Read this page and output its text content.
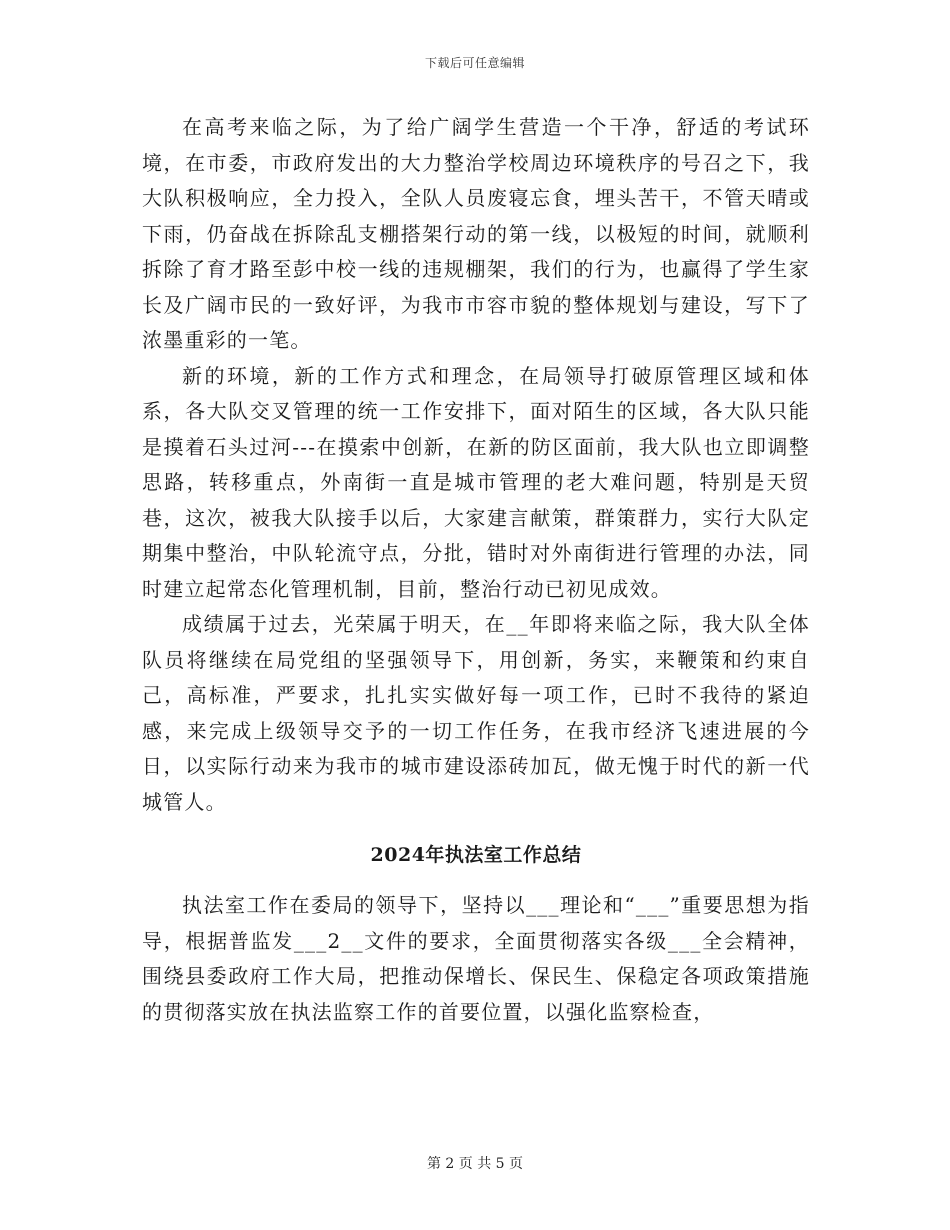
下载后可任意编辑

在高考来临之际，为了给广阔学生营造一个干净，舒适的考试环境，在市委，市政府发出的大力整治学校周边环境秩序的号召之下，我大队积极响应，全力投入，全队人员废寝忘食，埋头苦干，不管天晴或下雨，仍奋战在拆除乱支棚搭架行动的第一线，以极短的时间，就顺利拆除了育才路至彭中校一线的违规棚架，我们的行为，也赢得了学生家长及广阔市民的一致好评，为我市市容市貌的整体规划与建设，写下了浓墨重彩的一笔。

新的环境，新的工作方式和理念，在局领导打破原管理区域和体系，各大队交叉管理的统一工作安排下，面对陌生的区域，各大队只能是摸着石头过河---在摸索中创新，在新的防区面前，我大队也立即调整思路，转移重点，外南街一直是城市管理的老大难问题，特别是天贸巷，这次，被我大队接手以后，大家建言献策，群策群力，实行大队定期集中整治，中队轮流守点，分批，错时对外南街进行管理的办法，同时建立起常态化管理机制，目前，整治行动已初见成效。

成绩属于过去，光荣属于明天，在__年即将来临之际，我大队全体队员将继续在局党组的坚强领导下，用创新，务实，来鞭策和约束自己，高标准，严要求，扎扎实实做好每一项工作，已时不我待的紧迫感，来完成上级领导交予的一切工作任务，在我市经济飞速进展的今日，以实际行动来为我市的城市建设添砖加瓦，做无愧于时代的新一代城管人。

2024年执法室工作总结

执法室工作在委局的领导下，坚持以___理论和“___”重要思想为指导，根据普监发___2__文件的要求，全面贯彻落实各级___全会精神，围绕县委政府工作大局，把推动保增长、保民生、保稳定各项政策措施的贯彻落实放在执法监察工作的首要位置，以强化监察检查，

第 2 页 共 5 页
